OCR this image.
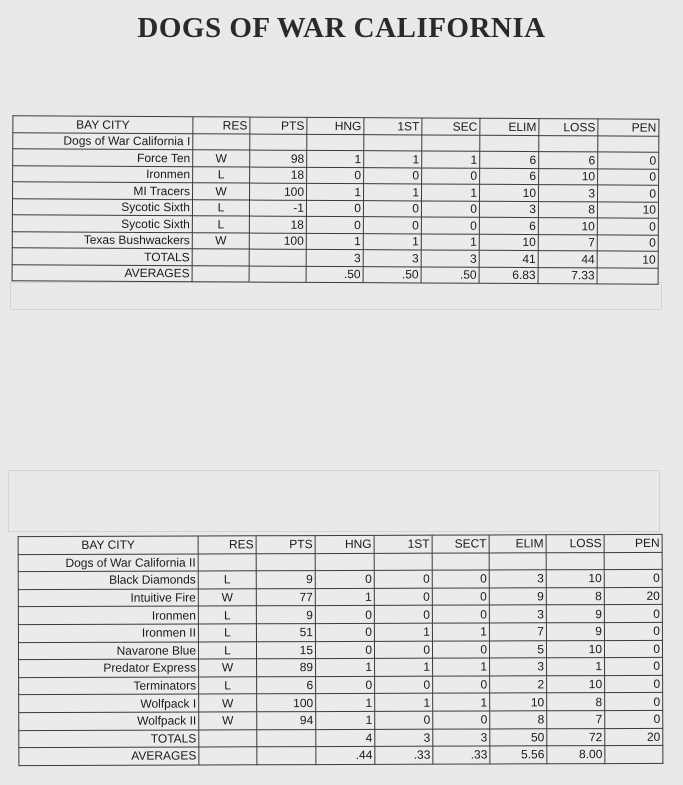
DOGS OF WAR CALIFORNIA
BAY CITY	RES	PTS	HNG	1ST	SEC	ELIM	LOSS	PEN
Dogs of War California I								
Force Ten	W	98	1	1	1	6	6	0
Ironmen	L	18	0	0	0	6	10	0
MI Tracers	W	100	1	1	1	10	3	0
Sycotic Sixth	L	-1	0	0	0	3	8	10
Sycotic Sixth	L	18	0	0	0	6	10	0
Texas Bushwackers	W	100	1	1	1	10	7	0
TOTALS			3	3	3	41	44	10
AVERAGES			.50	.50	.50	6.83	7.33	
BAY CITY	RES	PTS	HNG	1ST	SECT	ELIM	LOSS	PEN
Dogs of War California II								
Black Diamonds	L	9	0	0	0	3	10	0
Intuitive Fire	W	77	1	0	0	9	8	20
Ironmen	L	9	0	0	0	3	9	0
Ironmen II	L	51	0	1	1	7	9	0
Navarone Blue	L	15	0	0	0	5	10	0
Predator Express	W	89	1	1	1	3	1	0
Terminators	L	6	0	0	0	2	10	0
Wolfpack I	W	100	1	1	1	10	8	0
Wolfpack II	W	94	1	0	0	8	7	0
TOTALS			4	3	3	50	72	20
AVERAGES			.44	.33	.33	5.56	8.00	
